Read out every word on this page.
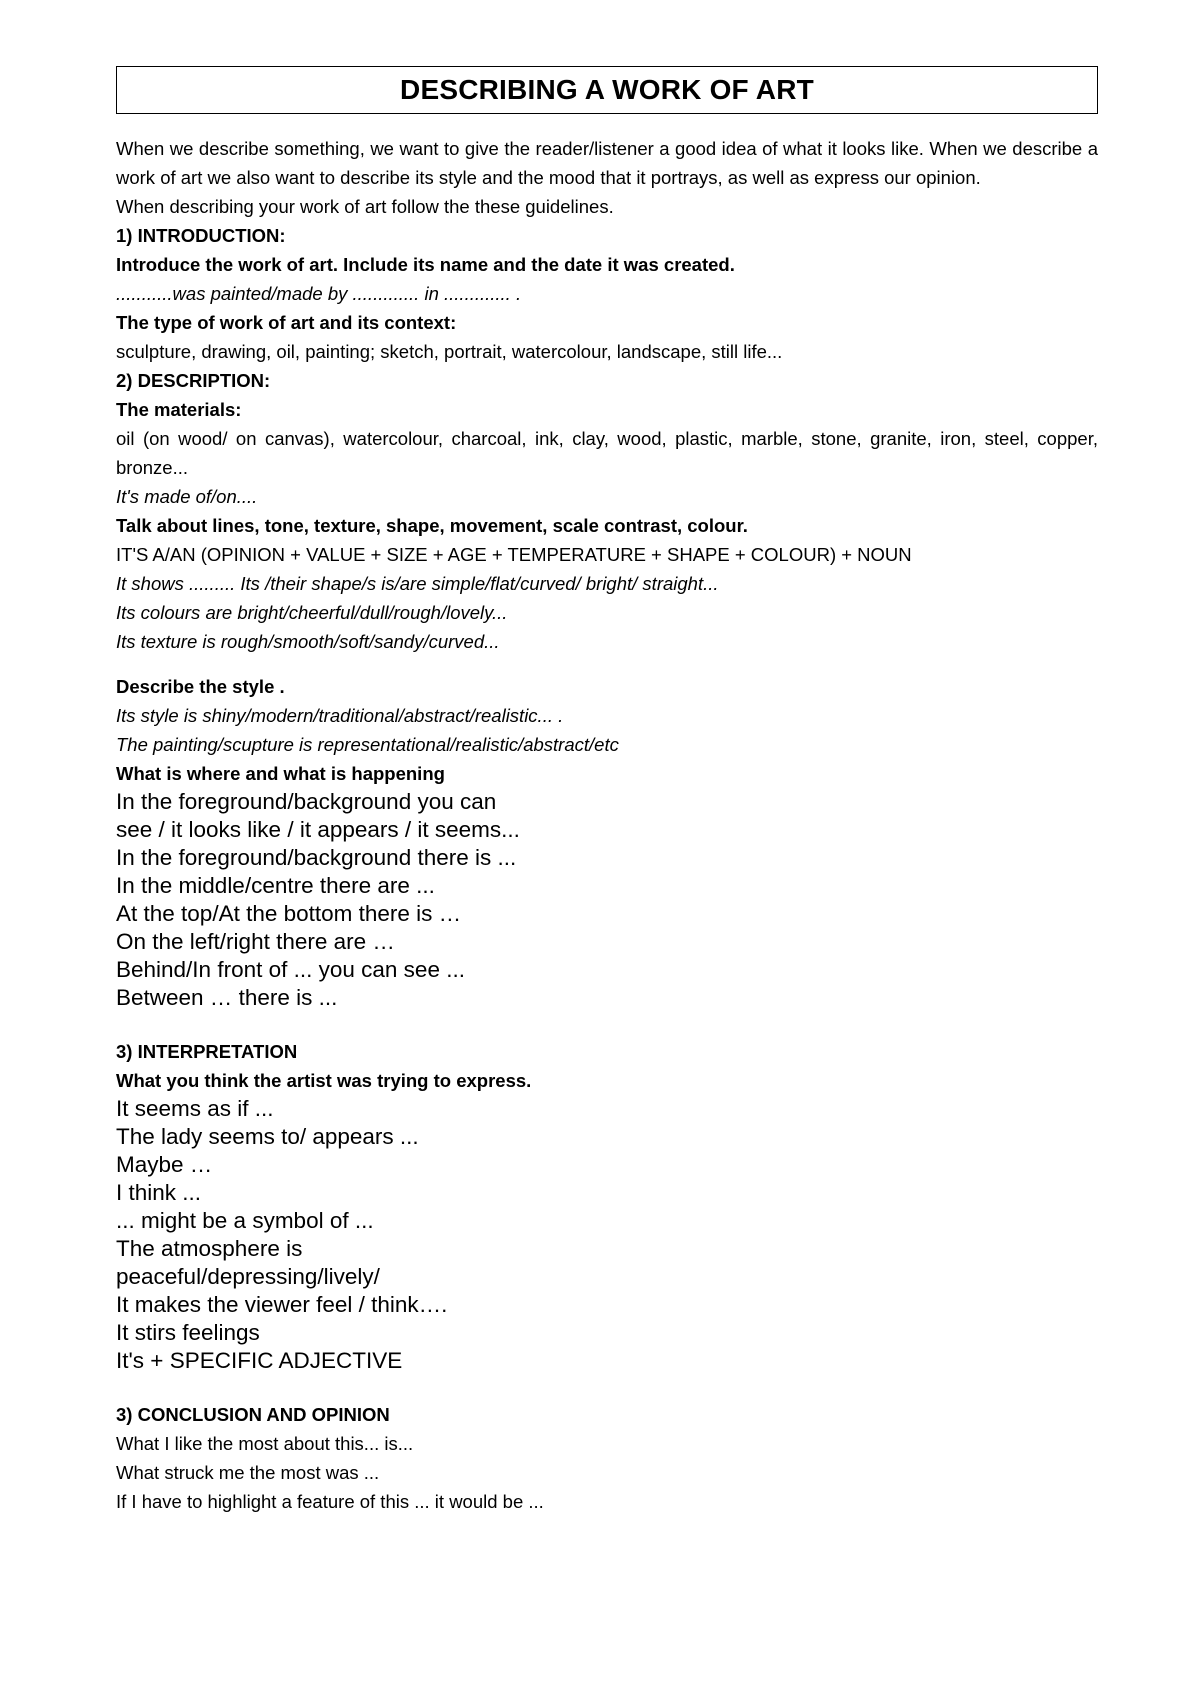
DESCRIBING A WORK OF ART

When we describe something, we want to give the reader/listener a good idea of what it looks like. When we describe a work of art we also want to describe its style and the mood that it portrays, as well as express our opinion.

When describing your work of art follow the these guidelines.

1) INTRODUCTION:

Introduce the work of art. Include its name and the date it was created.

...........was painted/made by ............. in ............. .

The type of work of art and its context:

sculpture, drawing, oil, painting; sketch, portrait, watercolour, landscape, still life...

2) DESCRIPTION:

The materials:

oil (on wood/ on canvas), watercolour, charcoal, ink, clay, wood, plastic, marble, stone, granite, iron, steel, copper, bronze...

It's made of/on....

Talk about lines, tone, texture, shape, movement, scale contrast, colour.

IT'S A/AN (OPINION + VALUE + SIZE + AGE + TEMPERATURE + SHAPE + COLOUR) + NOUN

It shows ......... Its /their shape/s is/are simple/flat/curved/ bright/ straight...

Its colours are bright/cheerful/dull/rough/lovely...

Its texture is rough/smooth/soft/sandy/curved...

Describe the style .

Its style is shiny/modern/traditional/abstract/realistic... .

The painting/scupture is representational/realistic/abstract/etc

What is where and what is happening

In the foreground/background you can

see / it looks like / it appears / it seems...

In the foreground/background there is ...

In the middle/centre there are ...

At the top/At the bottom there is …

On the left/right there are …

Behind/In front of ... you can see ...

Between … there is ...

3) INTERPRETATION

What you think the artist was trying to express.

It seems as if ...

The lady seems to/ appears ...

Maybe …

I think ...

... might be a symbol of ...

The atmosphere is

peaceful/depressing/lively/

It makes the viewer feel / think….

It stirs feelings

It's + SPECIFIC ADJECTIVE

3) CONCLUSION AND OPINION

What I like the most about this... is...

What struck me the most was ...

If I have to highlight a feature of this ... it would be ...
